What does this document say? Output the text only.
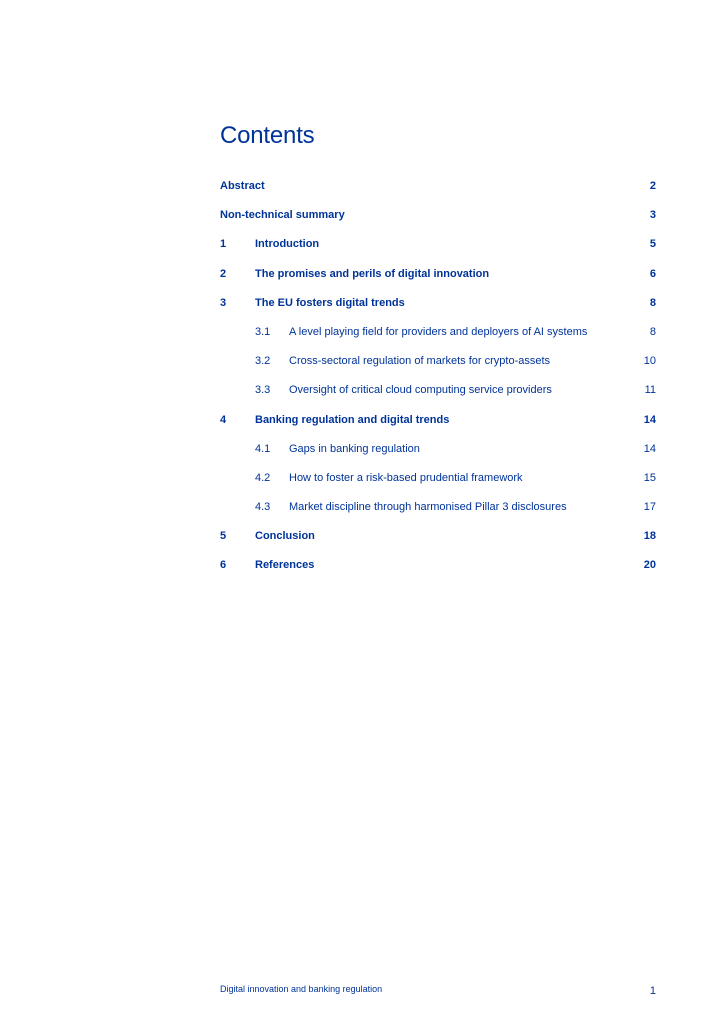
Contents
Abstract	2
Non-technical summary	3
1	Introduction	5
2	The promises and perils of digital innovation	6
3	The EU fosters digital trends	8
3.1 A level playing field for providers and deployers of AI systems	8
3.2 Cross-sectoral regulation of markets for crypto-assets	10
3.3 Oversight of critical cloud computing service providers	11
4	Banking regulation and digital trends	14
4.1 Gaps in banking regulation	14
4.2 How to foster a risk-based prudential framework	15
4.3 Market discipline through harmonised Pillar 3 disclosures	17
5	Conclusion	18
6	References	20
Digital innovation and banking regulation	1
